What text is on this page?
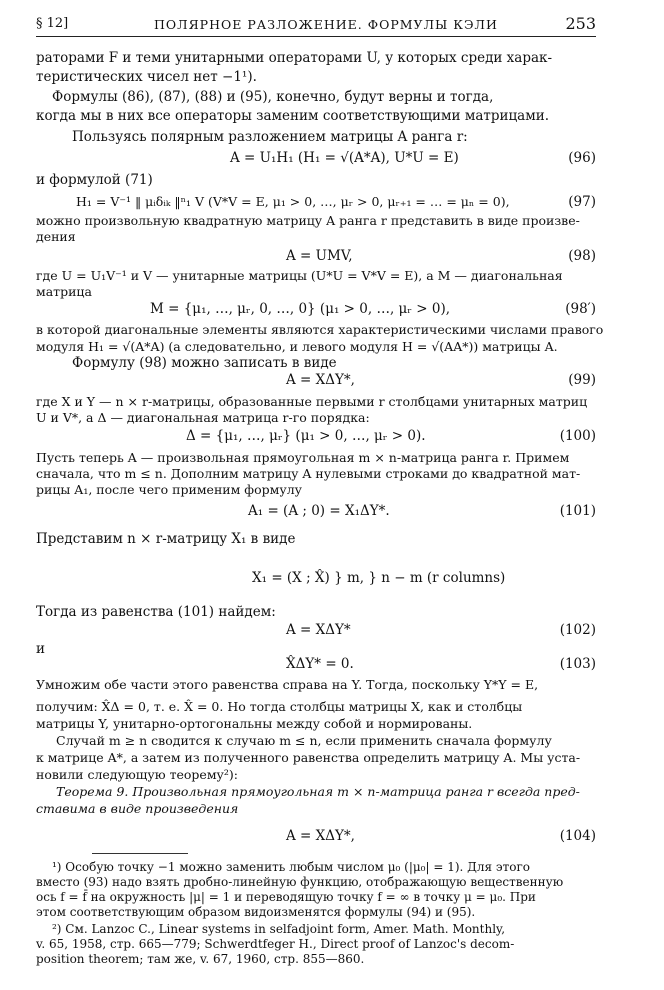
§ 12]	ПОЛЯРНОЕ РАЗЛОЖЕНИЕ. ФОРМУЛЫ КЭЛИ	253
раторами F и теми унитарными операторами U, у которых среди харак-
теристических чисел нет −1¹).
Формулы (86), (87), (88) и (95), конечно, будут верны и тогда,
когда мы в них все операторы заменим соответствующими матрицами.
Пользуясь полярным разложением матрицы A ранга r:
A = U₁H₁ (H₁ = √(A*A), U*U = E)	(96)
и формулой (71)
H₁ = V⁻¹ ‖ μᵢδᵢₖ ‖ⁿ₁ V (V*V = E, μ₁ > 0, …, μᵣ > 0, μᵣ₊₁ = … = μₙ = 0),	(97)
можно произвольную квадратную матрицу A ранга r представить в виде произве-
дения
A = UMV,	(98)
где U = U₁V⁻¹ и V — унитарные матрицы (U*U = V*V = E), а M — диагональная
матрица
M = {μ₁, …, μᵣ, 0, …, 0} (μ₁ > 0, …, μᵣ > 0),	(98′)
в которой диагональные элементы являются характеристическими числами правого
модуля H₁ = √(A*A) (а следовательно, и левого модуля H = √(AA*)) матрицы A.
Формулу (98) можно записать в виде
A = XΔY*,	(99)
где X и Y — n × r-матрицы, образованные первыми r столбцами унитарных матриц
U и V*, а Δ — диагональная матрица r-го порядка:
Δ = {μ₁, …, μᵣ} (μ₁ > 0, …, μᵣ > 0).	(100)
Пусть теперь A — произвольная прямоугольная m × n-матрица ранга r. Примем
сначала, что m ≤ n. Дополним матрицу A нулевыми строками до квадратной мат-
рицы A₁, после чего применим формулу
A₁ = (A ; 0) = X₁ΔY*.	(101)
Представим n × r-матрицу X₁ в виде
X₁ = (X ; X̂) } m, } n − m (r columns)
Тогда из равенства (101) найдем:
A = XΔY*	(102)
и
X̂ΔY* = 0.	(103)
Умножим обе части этого равенства справа на Y. Тогда, поскольку Y*Y = E,
получим: X̂Δ = 0, т. е. X̂ = 0. Но тогда столбцы матрицы X, как и столбцы
матрицы Y, унитарно-ортогональны между собой и нормированы.
Случай m ≥ n сводится к случаю m ≤ n, если применить сначала формулу
к матрице A*, а затем из полученного равенства определить матрицу A. Мы уста-
новили следующую теорему²):
Теорема 9. Произвольная прямоугольная m × n-матрица ранга r всегда пред-
ставима в виде произведения
A = XΔY*,	(104)
¹) Особую точку −1 можно заменить любым числом μ₀ (|μ₀| = 1). Для этого
вместо (93) надо взять дробно-линейную функцию, отображающую вещественную
ось f = f̄ на окружность |μ| = 1 и переводящую точку f = ∞ в точку μ = μ₀. При
этом соответствующим образом видоизменятся формулы (94) и (95).
²) См. Lanzoc C., Linear systems in selfadjoint form, Amer. Math. Monthly,
v. 65, 1958, стр. 665—779; Schwerdtfeger H., Direct proof of Lanzoc's decom-
position theorem; там же, v. 67, 1960, стр. 855—860.
